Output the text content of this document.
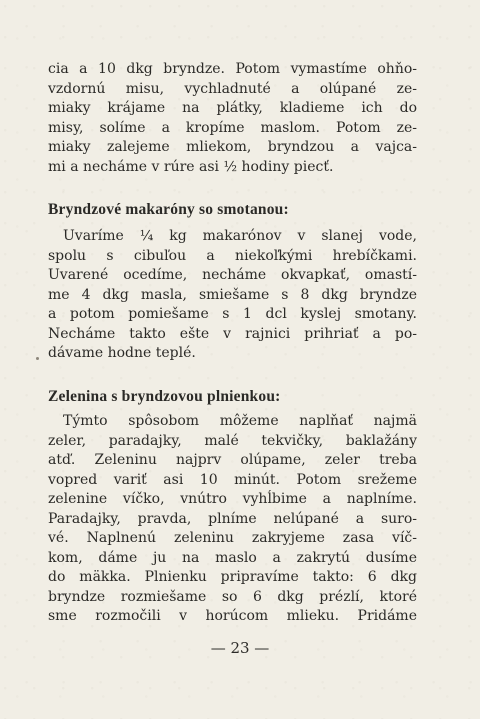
cia a 10 dkg bryndze. Potom vymastíme ohňo-
vzdornú misu, vychladnuté a olúpané ze-
miaky krájame na plátky, kladieme ich do
misy, solíme a kropíme maslom. Potom ze-
miaky zalejeme mliekom, bryndzou a vajca-
mi a necháme v rúre asi ½ hodiny piecť.
Bryndzové makaróny so smotanou:
Uvaríme ¼ kg makarónov v slanej vode,
spolu s cibuľou a niekoľkými hrebíčkami.
Uvarené ocedíme, necháme okvapkať, omastí-
me 4 dkg masla, smiešame s 8 dkg bryndze
a potom pomiešame s 1 dcl kyslej smotany.
Necháme takto ešte v rajnici prihriať a po-
dávame hodne teplé.
Zelenina s bryndzovou plnienkou:
Týmto spôsobom môžeme naplňať najmä
zeler, paradajky, malé tekvičky, baklažány
atď. Zeleninu najprv olúpame, zeler treba
vopred variť asi 10 minút. Potom srežeme
zelenine víčko, vnútro vyhĺbime a naplníme.
Paradajky, pravda, plníme nelúpané a suro-
vé. Naplnenú zeleninu zakryjeme zasa víč-
kom, dáme ju na maslo a zakrytú dusíme
do mäkka. Plnienku pripravíme takto: 6 dkg
bryndze rozmiešame so 6 dkg prézlí, ktoré
sme rozmočili v horúcom mlieku. Pridáme
— 23 —
